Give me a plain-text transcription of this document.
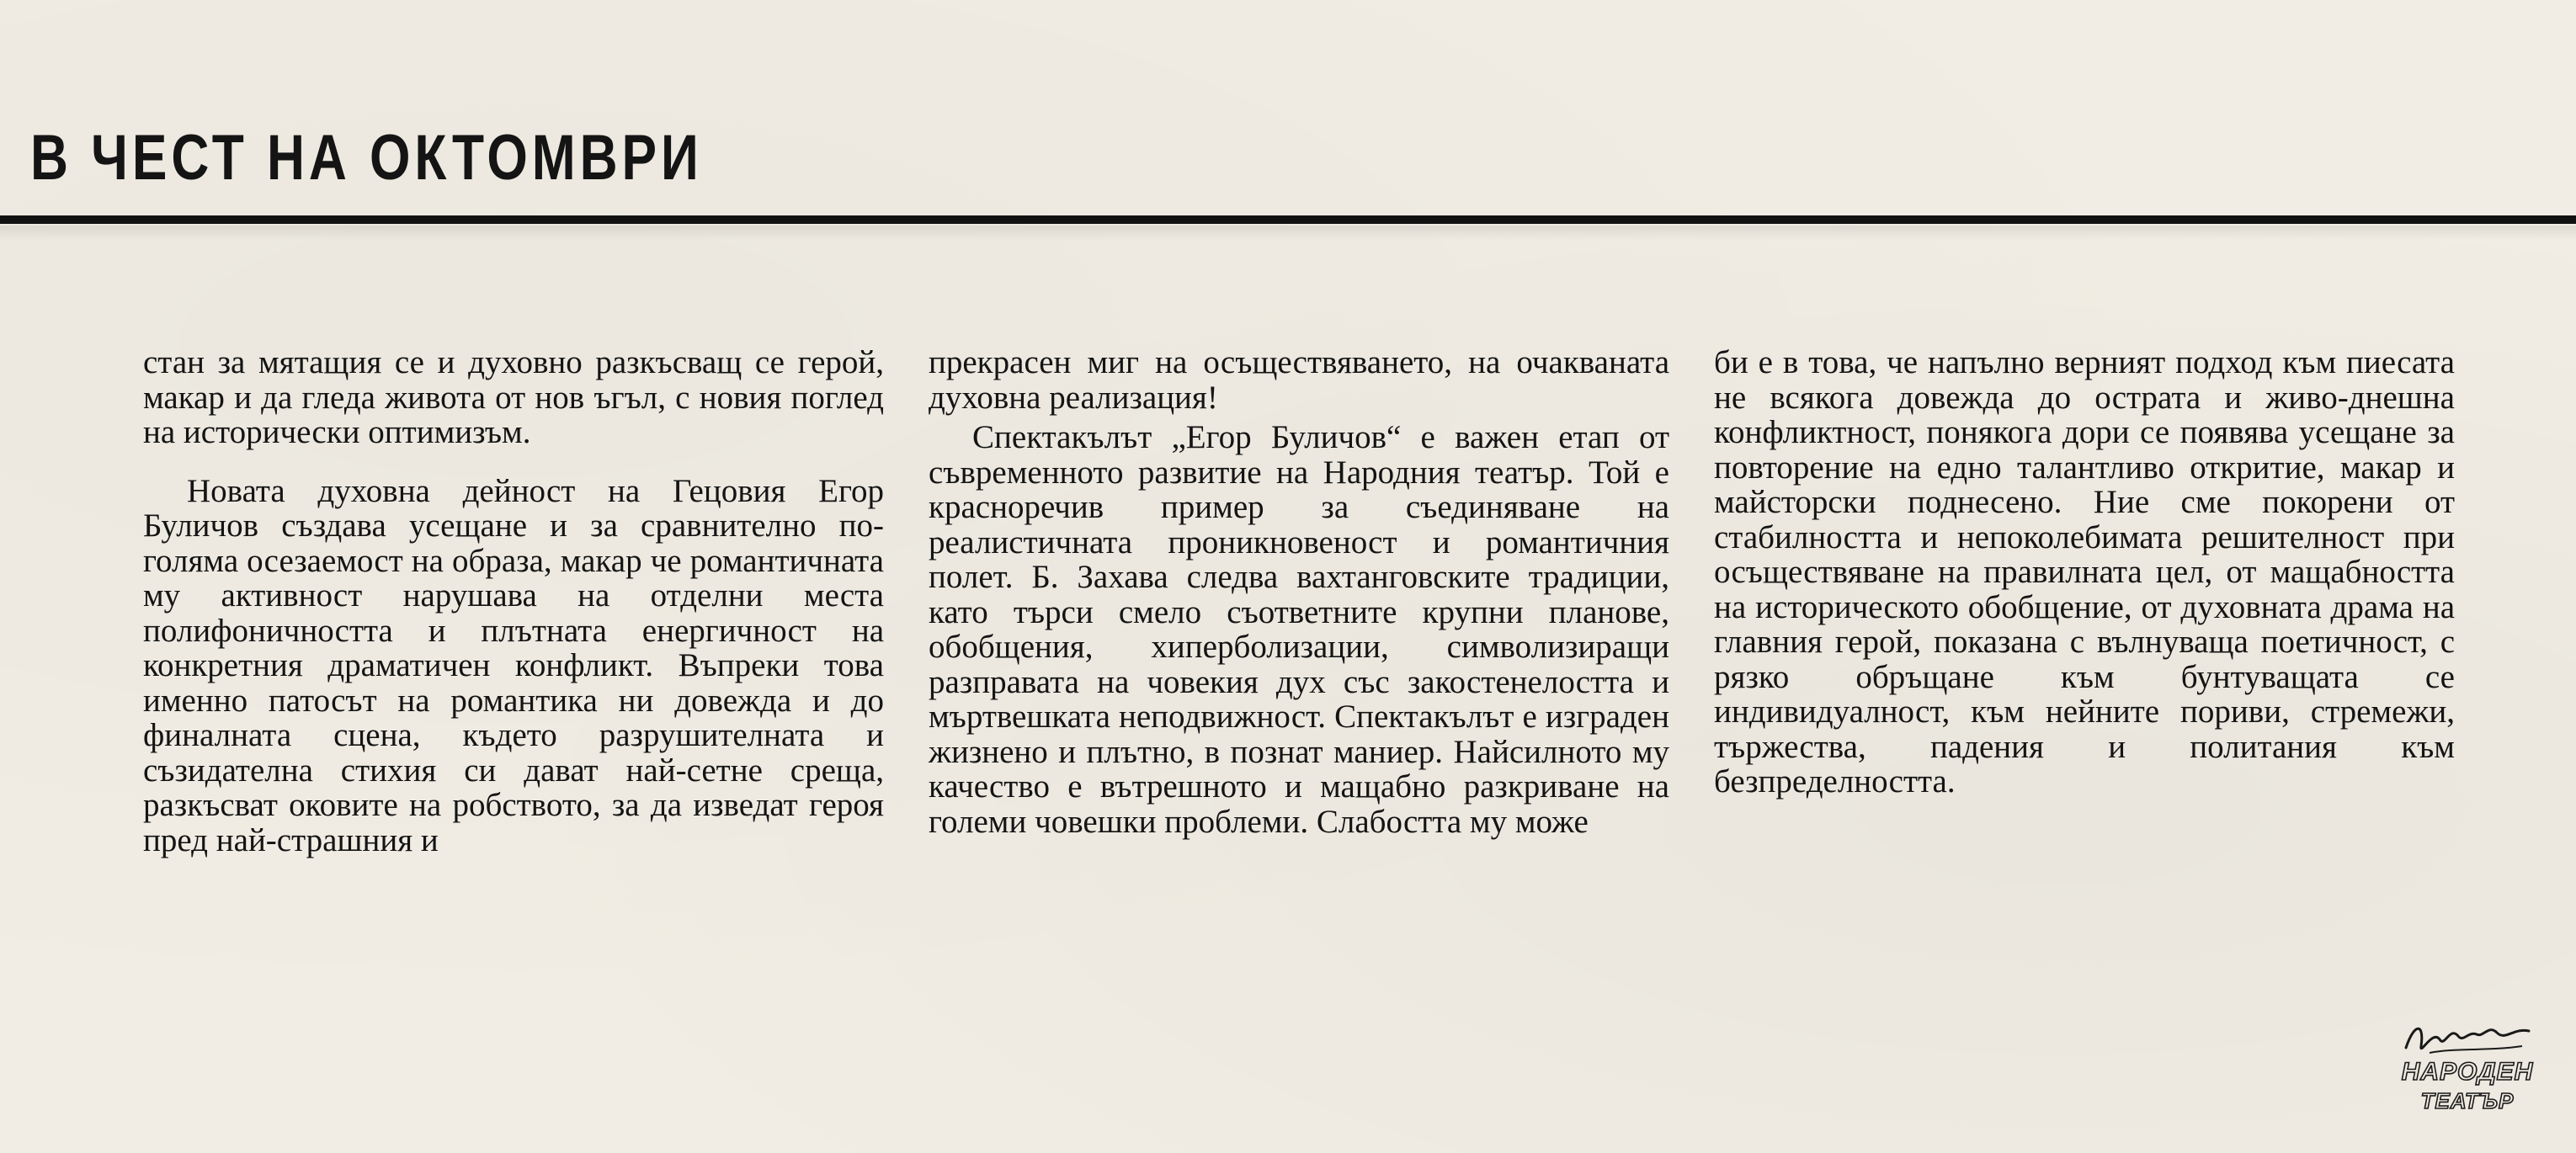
В ЧЕСТ НА ОКТОМВРИ

стан за мятащия се и духовно разкъсващ се герой, макар и да гледа живота от нов ъгъл, с новия поглед на исторически оптимизъм.

Новата духовна дейност на Гецовия Егор Буличов създава усещане и за сравнително по-голяма осезаемост на образа, макар че романтичната му активност нарушава на отделни места полифоничността и плътната енергичност на конкретния драматичен конфликт. Въпреки това именно патосът на романтика ни довежда и до финалната сцена, където разрушителната и съзидателна стихия си дават най-сетне среща, разкъсват оковите на робството, за да изведат героя пред най-страшния и

прекрасен миг на осъществяването, на очакваната духовна реализация!

Спектакълът „Егор Буличов“ е важен етап от съвременното развитие на Народния театър. Той е красноречив пример за съединяване на реалистичната проникновеност и романтичния полет. Б. Захава следва вахтанговските традиции, като търси смело съответните крупни планове, обобщения, хиперболизации, символизиращи разправата на човекия дух със закостенелостта и мъртвешката неподвижност. Спектакълът е изграден жизнено и плътно, в познат маниер. Найсилното му качество е вътрешното и мащабно разкриване на големи човешки проблеми. Слабостта му може

би е в това, че напълно верният подход към пиесата не всякога довежда до острата и живо-днешна конфликтност, понякога дори се появява усещане за повторение на едно талантливо откритие, макар и майсторски поднесено. Ние сме покорени от стабилността и непоколебимата решителност при осъществяване на правилната цел, от мащабността на историческото обобщение, от духовната драма на главния герой, показана с вълнуваща поетичност, с рязко обръщане към бунтуващата се индивидуалност, към нейните пориви, стремежи, тържества, падения и политания към безпределността.

НАРОДЕН
ТЕАТЪР
